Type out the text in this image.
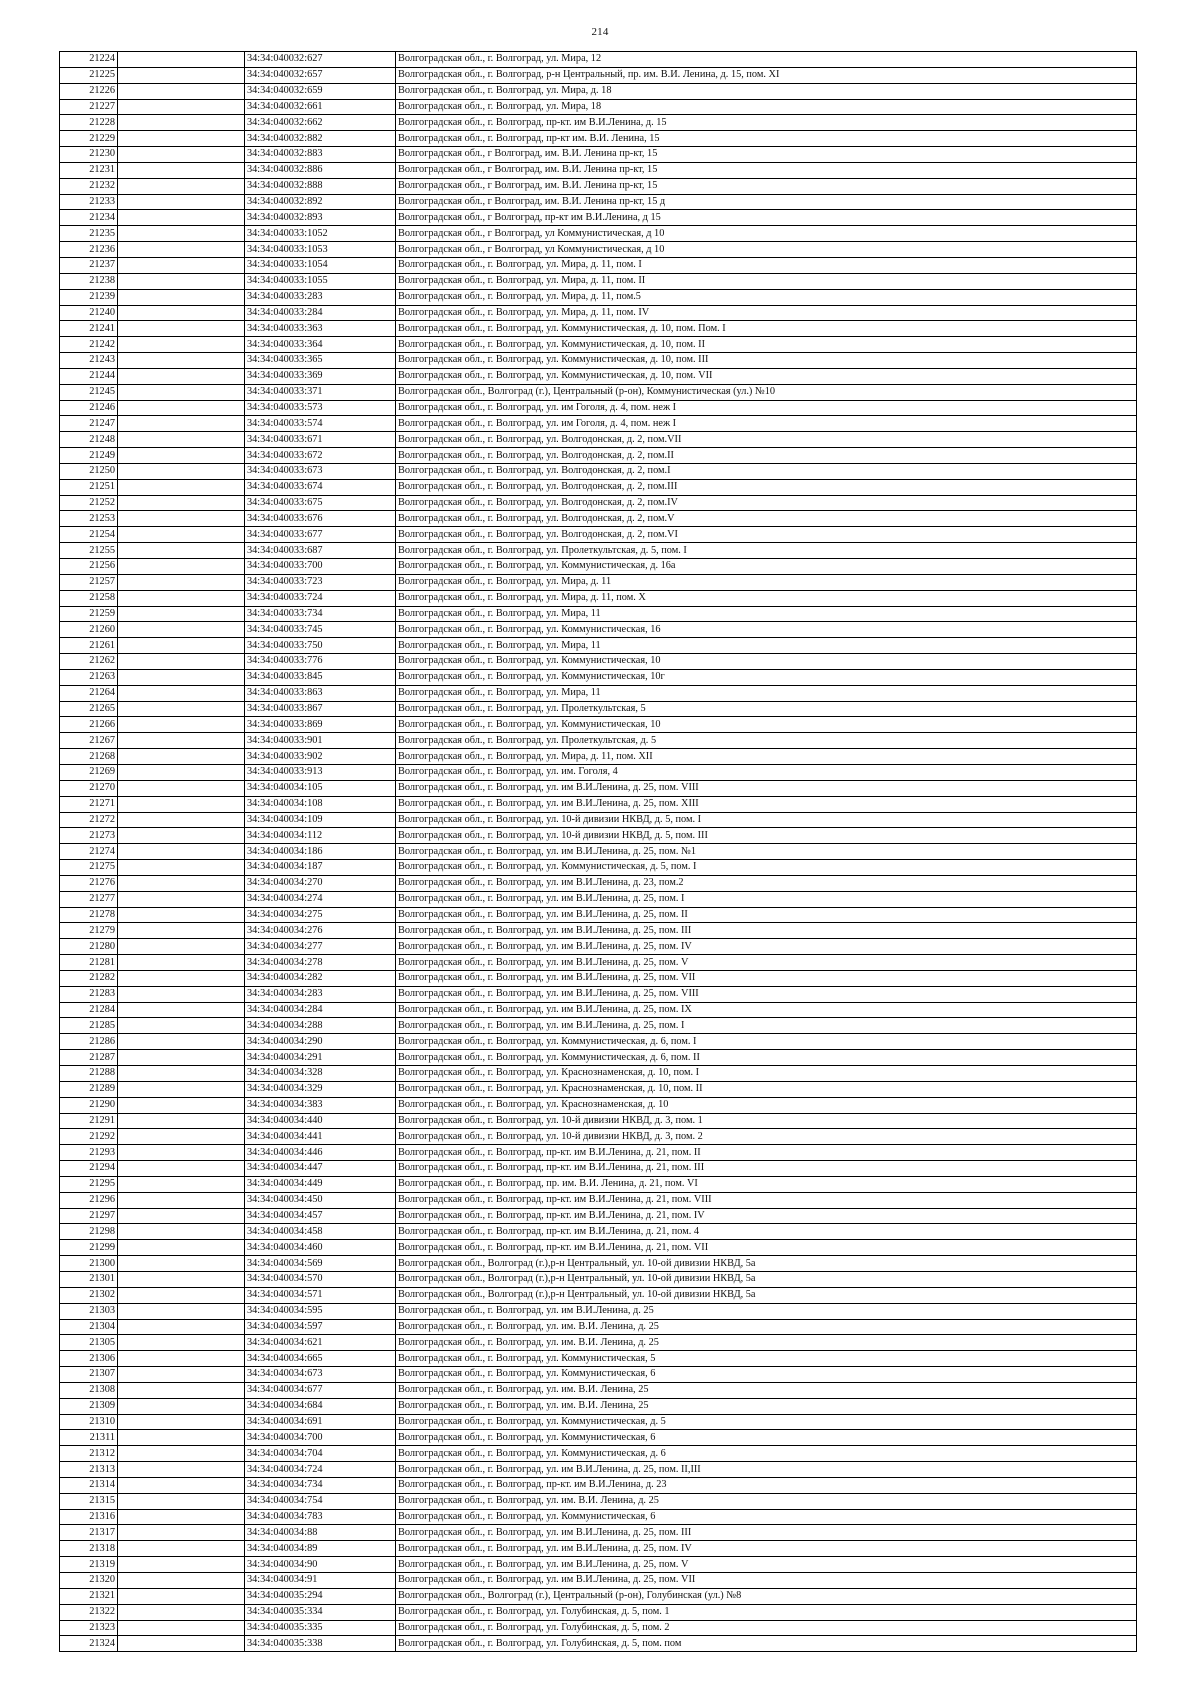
214
21224		34:34:040032:627	Волгоградская обл., г. Волгоград, ул. Мира, 12
21225		34:34:040032:657	Волгоградская обл., г. Волгоград, р-н Центральный, пр. им. В.И. Ленина, д. 15, пом. XI
21226		34:34:040032:659	Волгоградская обл., г. Волгоград, ул. Мира, д. 18
21227		34:34:040032:661	Волгоградская обл., г. Волгоград, ул. Мира, 18
21228		34:34:040032:662	Волгоградская обл., г. Волгоград, пр-кт. им В.И.Ленина, д. 15
21229		34:34:040032:882	Волгоградская обл., г. Волгоград, пр-кт им. В.И. Ленина, 15
21230		34:34:040032:883	Волгоградская обл., г Волгоград, им. В.И. Ленина пр-кт, 15
21231		34:34:040032:886	Волгоградская обл., г Волгоград, им. В.И. Ленина пр-кт, 15
21232		34:34:040032:888	Волгоградская обл., г Волгоград, им. В.И. Ленина пр-кт, 15
21233		34:34:040032:892	Волгоградская обл., г Волгоград, им. В.И. Ленина пр-кт, 15 д
21234		34:34:040032:893	Волгоградская обл., г Волгоград, пр-кт им В.И.Ленина, д 15
21235		34:34:040033:1052	Волгоградская обл., г Волгоград, ул Коммунистическая, д 10
21236		34:34:040033:1053	Волгоградская обл., г Волгоград, ул Коммунистическая, д 10
21237		34:34:040033:1054	Волгоградская обл., г. Волгоград, ул. Мира, д. 11, пом. I
21238		34:34:040033:1055	Волгоградская обл., г. Волгоград, ул. Мира, д. 11, пом. II
21239		34:34:040033:283	Волгоградская обл., г. Волгоград, ул. Мира, д. 11, пом.5
21240		34:34:040033:284	Волгоградская обл., г. Волгоград, ул. Мира, д. 11, пом. IV
21241		34:34:040033:363	Волгоградская обл., г. Волгоград, ул. Коммунистическая, д. 10, пом. Пом. I
21242		34:34:040033:364	Волгоградская обл., г. Волгоград, ул. Коммунистическая, д. 10, пом. II
21243		34:34:040033:365	Волгоградская обл., г. Волгоград, ул. Коммунистическая, д. 10, пом. III
21244		34:34:040033:369	Волгоградская обл., г. Волгоград, ул. Коммунистическая, д. 10, пом. VII
21245		34:34:040033:371	Волгоградская обл., Волгоград (г.), Центральный (р-он), Коммунистическая (ул.) №10
21246		34:34:040033:573	Волгоградская обл., г. Волгоград, ул. им Гоголя, д. 4, пом. неж I
21247		34:34:040033:574	Волгоградская обл., г. Волгоград, ул. им Гоголя, д. 4, пом. неж I
21248		34:34:040033:671	Волгоградская обл., г. Волгоград, ул. Волгодонская, д. 2, пом.VII
21249		34:34:040033:672	Волгоградская обл., г. Волгоград, ул. Волгодонская, д. 2, пом.II
21250		34:34:040033:673	Волгоградская обл., г. Волгоград, ул. Волгодонская, д. 2, пом.I
21251		34:34:040033:674	Волгоградская обл., г. Волгоград, ул. Волгодонская, д. 2, пом.III
21252		34:34:040033:675	Волгоградская обл., г. Волгоград, ул. Волгодонская, д. 2, пом.IV
21253		34:34:040033:676	Волгоградская обл., г. Волгоград, ул. Волгодонская, д. 2, пом.V
21254		34:34:040033:677	Волгоградская обл., г. Волгоград, ул. Волгодонская, д. 2, пом.VI
21255		34:34:040033:687	Волгоградская обл., г. Волгоград, ул. Пролеткультская, д. 5, пом. I
21256		34:34:040033:700	Волгоградская обл., г. Волгоград, ул. Коммунистическая, д. 16а
21257		34:34:040033:723	Волгоградская обл., г. Волгоград, ул. Мира, д. 11
21258		34:34:040033:724	Волгоградская обл., г. Волгоград, ул. Мира, д. 11, пом. X
21259		34:34:040033:734	Волгоградская обл., г. Волгоград, ул. Мира, 11
21260		34:34:040033:745	Волгоградская обл., г. Волгоград, ул. Коммунистическая, 16
21261		34:34:040033:750	Волгоградская обл., г. Волгоград, ул. Мира, 11
21262		34:34:040033:776	Волгоградская обл., г. Волгоград, ул. Коммунистическая, 10
21263		34:34:040033:845	Волгоградская обл., г. Волгоград, ул. Коммунистическая, 10г
21264		34:34:040033:863	Волгоградская обл., г. Волгоград, ул. Мира, 11
21265		34:34:040033:867	Волгоградская обл., г. Волгоград, ул. Пролеткультская, 5
21266		34:34:040033:869	Волгоградская обл., г. Волгоград, ул. Коммунистическая, 10
21267		34:34:040033:901	Волгоградская обл., г. Волгоград, ул. Пролеткультская, д. 5
21268		34:34:040033:902	Волгоградская обл., г. Волгоград, ул. Мира, д. 11, пом. XII
21269		34:34:040033:913	Волгоградская обл., г. Волгоград, ул. им. Гоголя, 4
21270		34:34:040034:105	Волгоградская обл., г. Волгоград, ул. им В.И.Ленина, д. 25, пом. VIII
21271		34:34:040034:108	Волгоградская обл., г. Волгоград, ул. им В.И.Ленина, д. 25, пом. XIII
21272		34:34:040034:109	Волгоградская обл., г. Волгоград, ул. 10-й дивизии НКВД, д. 5, пом. I
21273		34:34:040034:112	Волгоградская обл., г. Волгоград, ул. 10-й дивизии НКВД, д. 5, пом. III
21274		34:34:040034:186	Волгоградская обл., г. Волгоград, ул. им В.И.Ленина, д. 25, пом. №1
21275		34:34:040034:187	Волгоградская обл., г. Волгоград, ул. Коммунистическая, д. 5, пом. I
21276		34:34:040034:270	Волгоградская обл., г. Волгоград, ул. им В.И.Ленина, д. 23, пом.2
21277		34:34:040034:274	Волгоградская обл., г. Волгоград, ул. им В.И.Ленина, д. 25, пом. I
21278		34:34:040034:275	Волгоградская обл., г. Волгоград, ул. им В.И.Ленина, д. 25, пом. II
21279		34:34:040034:276	Волгоградская обл., г. Волгоград, ул. им В.И.Ленина, д. 25, пом. III
21280		34:34:040034:277	Волгоградская обл., г. Волгоград, ул. им В.И.Ленина, д. 25, пом. IV
21281		34:34:040034:278	Волгоградская обл., г. Волгоград, ул. им В.И.Ленина, д. 25, пом. V
21282		34:34:040034:282	Волгоградская обл., г. Волгоград, ул. им В.И.Ленина, д. 25, пом. VII
21283		34:34:040034:283	Волгоградская обл., г. Волгоград, ул. им В.И.Ленина, д. 25, пом. VIII
21284		34:34:040034:284	Волгоградская обл., г. Волгоград, ул. им В.И.Ленина, д. 25, пом. IX
21285		34:34:040034:288	Волгоградская обл., г. Волгоград, ул. им В.И.Ленина, д. 25, пом. I
21286		34:34:040034:290	Волгоградская обл., г. Волгоград, ул. Коммунистическая, д. 6, пом. I
21287		34:34:040034:291	Волгоградская обл., г. Волгоград, ул. Коммунистическая, д. 6, пом. II
21288		34:34:040034:328	Волгоградская обл., г. Волгоград, ул. Краснознаменская, д. 10, пом. I
21289		34:34:040034:329	Волгоградская обл., г. Волгоград, ул. Краснознаменская, д. 10, пом. II
21290		34:34:040034:383	Волгоградская обл., г. Волгоград, ул. Краснознаменская, д. 10
21291		34:34:040034:440	Волгоградская обл., г. Волгоград, ул. 10-й дивизии НКВД, д. 3, пом. 1
21292		34:34:040034:441	Волгоградская обл., г. Волгоград, ул. 10-й дивизии НКВД, д. 3, пом. 2
21293		34:34:040034:446	Волгоградская обл., г. Волгоград, пр-кт. им В.И.Ленина, д. 21, пом. II
21294		34:34:040034:447	Волгоградская обл., г. Волгоград, пр-кт. им В.И.Ленина, д. 21, пом. III
21295		34:34:040034:449	Волгоградская обл., г. Волгоград, пр. им. В.И. Ленина, д. 21, пом. VI
21296		34:34:040034:450	Волгоградская обл., г. Волгоград, пр-кт. им В.И.Ленина, д. 21, пом. VIII
21297		34:34:040034:457	Волгоградская обл., г. Волгоград, пр-кт. им В.И.Ленина, д. 21, пом. IV
21298		34:34:040034:458	Волгоградская обл., г. Волгоград, пр-кт. им В.И.Ленина, д. 21, пом. 4
21299		34:34:040034:460	Волгоградская обл., г. Волгоград, пр-кт. им В.И.Ленина, д. 21, пом. VII
21300		34:34:040034:569	Волгоградская обл., Волгоград (г.),р-н Центральный, ул. 10-ой дивизии НКВД, 5а
21301		34:34:040034:570	Волгоградская обл., Волгоград (г.),р-н Центральный, ул. 10-ой дивизии НКВД, 5а
21302		34:34:040034:571	Волгоградская обл., Волгоград (г.),р-н Центральный, ул. 10-ой дивизии НКВД, 5а
21303		34:34:040034:595	Волгоградская обл., г. Волгоград, ул. им В.И.Ленина, д. 25
21304		34:34:040034:597	Волгоградская обл., г. Волгоград, ул. им. В.И. Ленина, д. 25
21305		34:34:040034:621	Волгоградская обл., г. Волгоград, ул. им. В.И. Ленина, д. 25
21306		34:34:040034:665	Волгоградская обл., г. Волгоград, ул. Коммунистическая, 5
21307		34:34:040034:673	Волгоградская обл., г. Волгоград, ул. Коммунистическая, 6
21308		34:34:040034:677	Волгоградская обл., г. Волгоград, ул. им. В.И. Ленина, 25
21309		34:34:040034:684	Волгоградская обл., г. Волгоград, ул. им. В.И. Ленина, 25
21310		34:34:040034:691	Волгоградская обл., г. Волгоград, ул. Коммунистическая, д. 5
21311		34:34:040034:700	Волгоградская обл., г. Волгоград, ул. Коммунистическая, 6
21312		34:34:040034:704	Волгоградская обл., г. Волгоград, ул. Коммунистическая, д. 6
21313		34:34:040034:724	Волгоградская обл., г. Волгоград, ул. им В.И.Ленина, д. 25, пом. II,III
21314		34:34:040034:734	Волгоградская обл., г. Волгоград, пр-кт. им В.И.Ленина, д. 23
21315		34:34:040034:754	Волгоградская обл., г. Волгоград, ул. им. В.И. Ленина, д. 25
21316		34:34:040034:783	Волгоградская обл., г. Волгоград, ул. Коммунистическая, 6
21317		34:34:040034:88	Волгоградская обл., г. Волгоград, ул. им В.И.Ленина, д. 25, пом. III
21318		34:34:040034:89	Волгоградская обл., г. Волгоград, ул. им В.И.Ленина, д. 25, пом. IV
21319		34:34:040034:90	Волгоградская обл., г. Волгоград, ул. им В.И.Ленина, д. 25, пом. V
21320		34:34:040034:91	Волгоградская обл., г. Волгоград, ул. им В.И.Ленина, д. 25, пом. VII
21321		34:34:040035:294	Волгоградская обл., Волгоград (г.), Центральный (р-он), Голубинская (ул.) №8
21322		34:34:040035:334	Волгоградская обл., г. Волгоград, ул. Голубинская, д. 5, пом. 1
21323		34:34:040035:335	Волгоградская обл., г. Волгоград, ул. Голубинская, д. 5, пом. 2
21324		34:34:040035:338	Волгоградская обл., г. Волгоград, ул. Голубинская, д. 5, пом. пом
